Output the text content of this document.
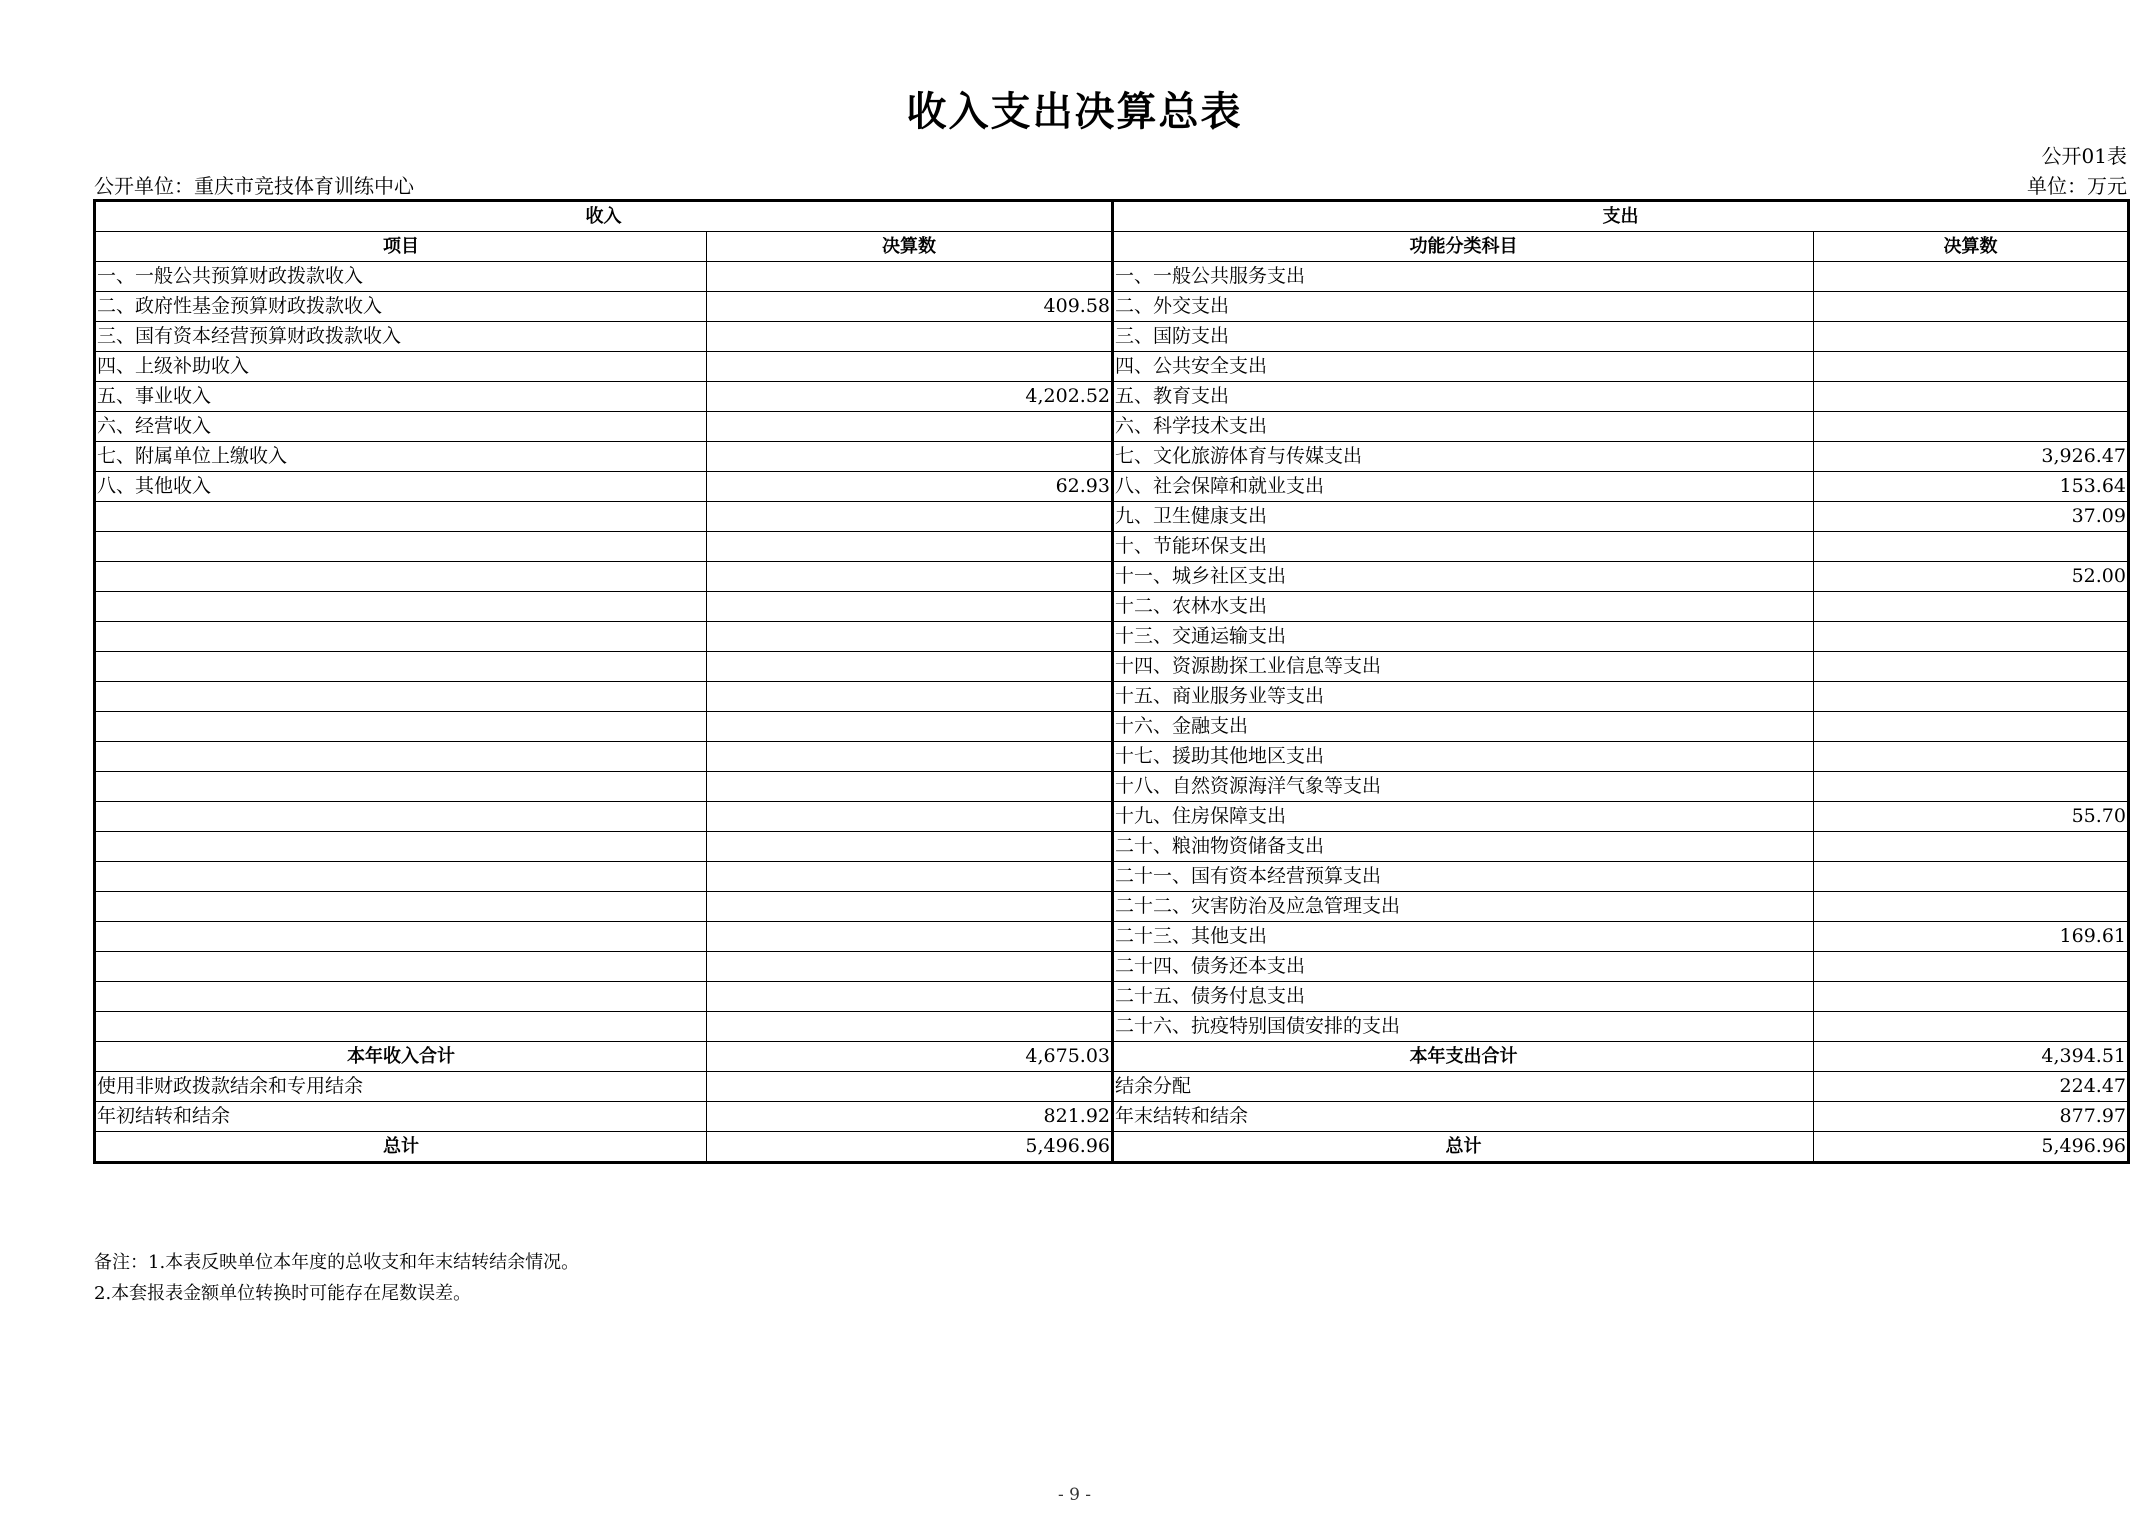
收入支出决算总表
公开01表
公开单位：重庆市竞技体育训练中心	单位：万元
收入		支出	
项目	决算数	功能分类科目	决算数
一、一般公共预算财政拨款收入		一、一般公共服务支出	
二、政府性基金预算财政拨款收入	409.58	二、外交支出	
三、国有资本经营预算财政拨款收入		三、国防支出	
四、上级补助收入		四、公共安全支出	
五、事业收入	4,202.52	五、教育支出	
六、经营收入		六、科学技术支出	
七、附属单位上缴收入		七、文化旅游体育与传媒支出	3,926.47
八、其他收入	62.93	八、社会保障和就业支出	153.64
		九、卫生健康支出	37.09
		十、节能环保支出	
		十一、城乡社区支出	52.00
		十二、农林水支出	
		十三、交通运输支出	
		十四、资源勘探工业信息等支出	
		十五、商业服务业等支出	
		十六、金融支出	
		十七、援助其他地区支出	
		十八、自然资源海洋气象等支出	
		十九、住房保障支出	55.70
		二十、粮油物资储备支出	
		二十一、国有资本经营预算支出	
		二十二、灾害防治及应急管理支出	
		二十三、其他支出	169.61
		二十四、债务还本支出	
		二十五、债务付息支出	
		二十六、抗疫特别国债安排的支出	
本年收入合计	4,675.03	本年支出合计	4,394.51
使用非财政拨款结余和专用结余		结余分配	224.47
年初结转和结余	821.92	年末结转和结余	877.97
总计	5,496.96	总计	5,496.96
备注：1.本表反映单位本年度的总收支和年末结转结余情况。
2.本套报表金额单位转换时可能存在尾数误差。
- 9 -
